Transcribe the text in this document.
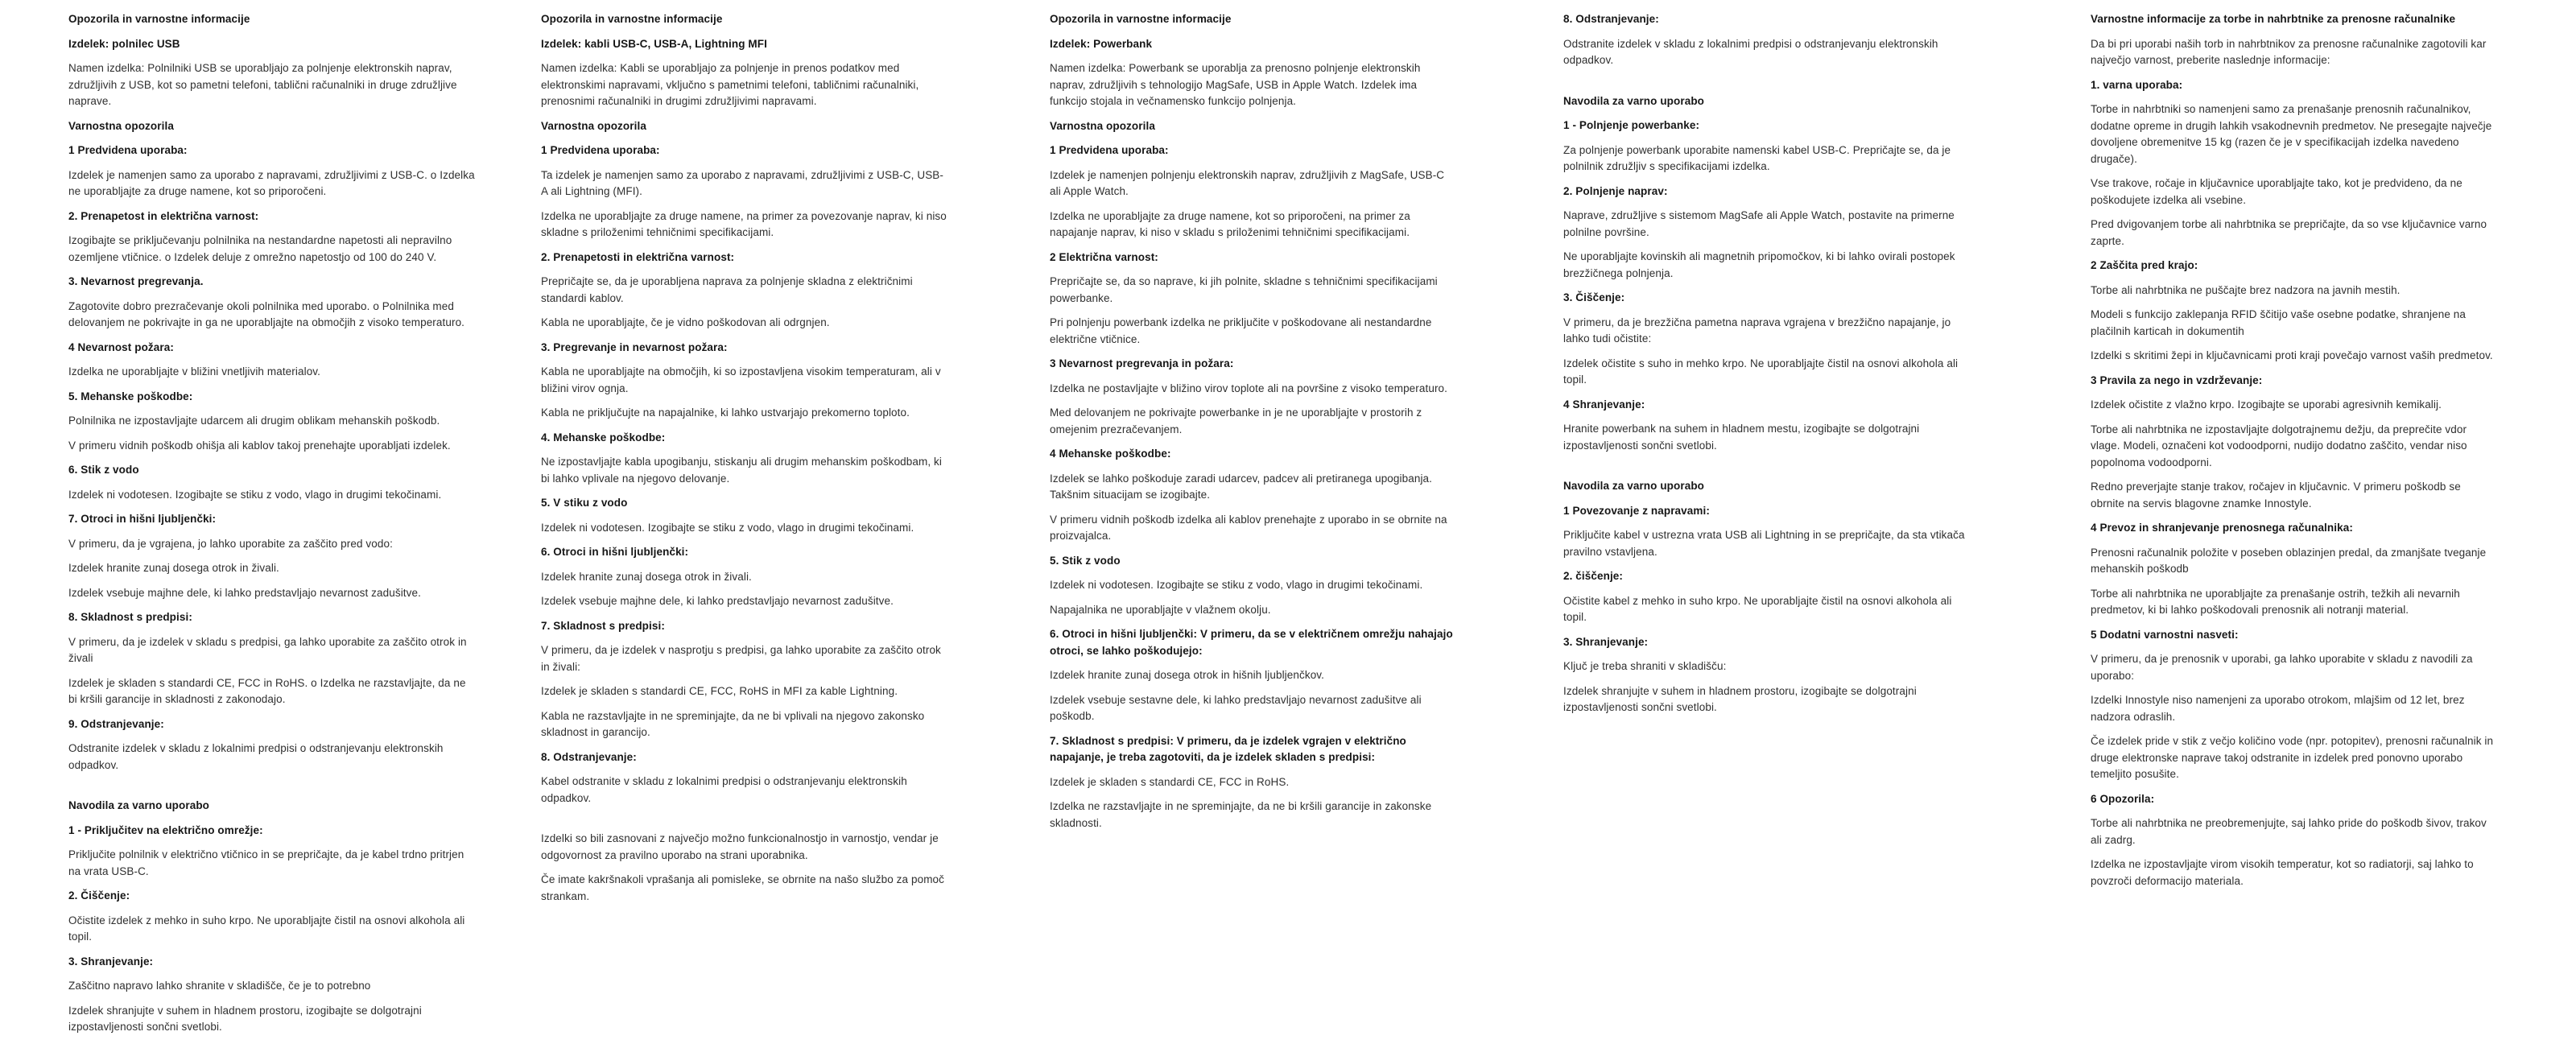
Opozorila in varnostne informacije

Izdelek: polnilec USB

Namen izdelka: Polnilniki USB se uporabljajo za polnjenje elektronskih naprav, združljivih z USB, kot so pametni telefoni, tablični računalniki in druge združljive naprave.

Varnostna opozorila

1 Predvidena uporaba:

Izdelek je namenjen samo za uporabo z napravami, združljivimi z USB-C. o Izdelka ne uporabljajte za druge namene, kot so priporočeni.

2. Prenapetost in električna varnost:

Izogibajte se priključevanju polnilnika na nestandardne napetosti ali nepravilno ozemljene vtičnice. o Izdelek deluje z omrežno napetostjo od 100 do 240 V.

3. Nevarnost pregrevanja.

Zagotovite dobro prezračevanje okoli polnilnika med uporabo. o Polnilnika med delovanjem ne pokrivajte in ga ne uporabljajte na območjih z visoko temperaturo.

4 Nevarnost požara:

Izdelka ne uporabljajte v bližini vnetljivih materialov.

5. Mehanske poškodbe:

Polnilnika ne izpostavljajte udarcem ali drugim oblikam mehanskih poškodb.

V primeru vidnih poškodb ohišja ali kablov takoj prenehajte uporabljati izdelek.

6. Stik z vodo

Izdelek ni vodotesen. Izogibajte se stiku z vodo, vlago in drugimi tekočinami.

7. Otroci in hišni ljubljenčki:

V primeru, da je vgrajena, jo lahko uporabite za zaščito pred vodo:

Izdelek hranite zunaj dosega otrok in živali.

Izdelek vsebuje majhne dele, ki lahko predstavljajo nevarnost zadušitve.

8. Skladnost s predpisi:

V primeru, da je izdelek v skladu s predpisi, ga lahko uporabite za zaščito otrok in živali

Izdelek je skladen s standardi CE, FCC in RoHS. o Izdelka ne razstavljajte, da ne bi kršili garancije in skladnosti z zakonodajo.

9. Odstranjevanje:

Odstranite izdelek v skladu z lokalnimi predpisi o odstranjevanju elektronskih odpadkov.

Navodila za varno uporabo

1 - Priključitev na električno omrežje:

Priključite polnilnik v električno vtičnico in se prepričajte, da je kabel trdno pritrjen na vrata USB-C.

2. Čiščenje:

Očistite izdelek z mehko in suho krpo. Ne uporabljajte čistil na osnovi alkohola ali topil.

3. Shranjevanje:

Zaščitno napravo lahko shranite v skladišče, če je to potrebno

Izdelek shranjujte v suhem in hladnem prostoru, izogibajte se dolgotrajni izpostavljenosti sončni svetlobi.

Opozorila in varnostne informacije

Izdelek: kabli USB-C, USB-A, Lightning MFI

Namen izdelka: Kabli se uporabljajo za polnjenje in prenos podatkov med elektronskimi napravami, vključno s pametnimi telefoni, tabličnimi računalniki, prenosnimi računalniki in drugimi združljivimi napravami.

Varnostna opozorila

1 Predvidena uporaba:

Ta izdelek je namenjen samo za uporabo z napravami, združljivimi z USB-C, USB-A ali Lightning (MFI).

Izdelka ne uporabljajte za druge namene, na primer za povezovanje naprav, ki niso skladne s priloženimi tehničnimi specifikacijami.

2. Prenapetosti in električna varnost:

Prepričajte se, da je uporabljena naprava za polnjenje skladna z električnimi standardi kablov.

Kabla ne uporabljajte, če je vidno poškodovan ali odrgnjen.

3. Pregrevanje in nevarnost požara:

Kabla ne uporabljajte na območjih, ki so izpostavljena visokim temperaturam, ali v bližini virov ognja.

Kabla ne priključujte na napajalnike, ki lahko ustvarjajo prekomerno toploto.

4. Mehanske poškodbe:

Ne izpostavljajte kabla upogibanju, stiskanju ali drugim mehanskim poškodbam, ki bi lahko vplivale na njegovo delovanje.

5. V stiku z vodo

Izdelek ni vodotesen. Izogibajte se stiku z vodo, vlago in drugimi tekočinami.

6. Otroci in hišni ljubljenčki:

Izdelek hranite zunaj dosega otrok in živali.

Izdelek vsebuje majhne dele, ki lahko predstavljajo nevarnost zadušitve.

7. Skladnost s predpisi:

V primeru, da je izdelek v nasprotju s predpisi, ga lahko uporabite za zaščito otrok in živali:

Izdelek je skladen s standardi CE, FCC, RoHS in MFI za kable Lightning.

Kabla ne razstavljajte in ne spreminjajte, da ne bi vplivali na njegovo zakonsko skladnost in garancijo.

8. Odstranjevanje:

Kabel odstranite v skladu z lokalnimi predpisi o odstranjevanju elektronskih odpadkov.

Izdelki so bili zasnovani z največjo možno funkcionalnostjo in varnostjo, vendar je odgovornost za pravilno uporabo na strani uporabnika.

Če imate kakršnakoli vprašanja ali pomisleke, se obrnite na našo službo za pomoč strankam.

Opozorila in varnostne informacije

Izdelek: Powerbank

Namen izdelka: Powerbank se uporablja za prenosno polnjenje elektronskih naprav, združljivih s tehnologijo MagSafe, USB in Apple Watch. Izdelek ima funkcijo stojala in večnamensko funkcijo polnjenja.

Varnostna opozorila

1 Predvidena uporaba:

Izdelek je namenjen polnjenju elektronskih naprav, združljivih z MagSafe, USB-C ali Apple Watch.

Izdelka ne uporabljajte za druge namene, kot so priporočeni, na primer za napajanje naprav, ki niso v skladu s priloženimi tehničnimi specifikacijami.

2 Električna varnost:

Prepričajte se, da so naprave, ki jih polnite, skladne s tehničnimi specifikacijami powerbanke.

Pri polnjenju powerbank izdelka ne priključite v poškodovane ali nestandardne električne vtičnice.

3 Nevarnost pregrevanja in požara:

Izdelka ne postavljajte v bližino virov toplote ali na površine z visoko temperaturo.

Med delovanjem ne pokrivajte powerbanke in je ne uporabljajte v prostorih z omejenim prezračevanjem.

4 Mehanske poškodbe:

Izdelek se lahko poškoduje zaradi udarcev, padcev ali pretiranega upogibanja. Takšnim situacijam se izogibajte.

V primeru vidnih poškodb izdelka ali kablov prenehajte z uporabo in se obrnite na proizvajalca.

5. Stik z vodo

Izdelek ni vodotesen. Izogibajte se stiku z vodo, vlago in drugimi tekočinami.

Napajalnika ne uporabljajte v vlažnem okolju.

6. Otroci in hišni ljubljenčki: V primeru, da se v električnem omrežju nahajajo otroci, se lahko poškodujejo:

Izdelek hranite zunaj dosega otrok in hišnih ljubljenčkov.

Izdelek vsebuje sestavne dele, ki lahko predstavljajo nevarnost zadušitve ali poškodb.

7. Skladnost s predpisi: V primeru, da je izdelek vgrajen v električno napajanje, je treba zagotoviti, da je izdelek skladen s predpisi:

Izdelek je skladen s standardi CE, FCC in RoHS.

Izdelka ne razstavljajte in ne spreminjajte, da ne bi kršili garancije in zakonske skladnosti.

8. Odstranjevanje:

Odstranite izdelek v skladu z lokalnimi predpisi o odstranjevanju elektronskih odpadkov.

Navodila za varno uporabo

1 - Polnjenje powerbanke:

Za polnjenje powerbank uporabite namenski kabel USB-C. Prepričajte se, da je polnilnik združljiv s specifikacijami izdelka.

2. Polnjenje naprav:

Naprave, združljive s sistemom MagSafe ali Apple Watch, postavite na primerne polnilne površine.

Ne uporabljajte kovinskih ali magnetnih pripomočkov, ki bi lahko ovirali postopek brezžičnega polnjenja.

3. Čiščenje:

V primeru, da je brezžična pametna naprava vgrajena v brezžično napajanje, jo lahko tudi očistite:

Izdelek očistite s suho in mehko krpo. Ne uporabljajte čistil na osnovi alkohola ali topil.

4 Shranjevanje:

Hranite powerbank na suhem in hladnem mestu, izogibajte se dolgotrajni izpostavljenosti sončni svetlobi.

Navodila za varno uporabo

1 Povezovanje z napravami:

Priključite kabel v ustrezna vrata USB ali Lightning in se prepričajte, da sta vtikača pravilno vstavljena.

2. čiščenje:

Očistite kabel z mehko in suho krpo. Ne uporabljajte čistil na osnovi alkohola ali topil.

3. Shranjevanje:

Ključ je treba shraniti v skladišču:

Izdelek shranjujte v suhem in hladnem prostoru, izogibajte se dolgotrajni izpostavljenosti sončni svetlobi.

Varnostne informacije za torbe in nahrbtnike za prenosne računalnike

Da bi pri uporabi naših torb in nahrbtnikov za prenosne računalnike zagotovili kar največjo varnost, preberite naslednje informacije:

1. varna uporaba:

Torbe in nahrbtniki so namenjeni samo za prenašanje prenosnih računalnikov, dodatne opreme in drugih lahkih vsakodnevnih predmetov. Ne presegajte največje dovoljene obremenitve 15 kg (razen če je v specifikacijah izdelka navedeno drugače).

Vse trakove, ročaje in ključavnice uporabljajte tako, kot je predvideno, da ne poškodujete izdelka ali vsebine.

Pred dvigovanjem torbe ali nahrbtnika se prepričajte, da so vse ključavnice varno zaprte.

2 Zaščita pred krajo:

Torbe ali nahrbtnika ne puščajte brez nadzora na javnih mestih.

Modeli s funkcijo zaklepanja RFID ščitijo vaše osebne podatke, shranjene na plačilnih karticah in dokumentih

Izdelki s skritimi žepi in ključavnicami proti kraji povečajo varnost vaših predmetov.

3 Pravila za nego in vzdrževanje:

Izdelek očistite z vlažno krpo. Izogibajte se uporabi agresivnih kemikalij.

Torbe ali nahrbtnika ne izpostavljajte dolgotrajnemu dežju, da preprečite vdor vlage. Modeli, označeni kot vodoodporni, nudijo dodatno zaščito, vendar niso popolnoma vodoodporni.

Redno preverjajte stanje trakov, ročajev in ključavnic. V primeru poškodb se obrnite na servis blagovne znamke Innostyle.

4 Prevoz in shranjevanje prenosnega računalnika:

Prenosni računalnik položite v poseben oblazinjen predal, da zmanjšate tveganje mehanskih poškodb

Torbe ali nahrbtnika ne uporabljajte za prenašanje ostrih, težkih ali nevarnih predmetov, ki bi lahko poškodovali prenosnik ali notranji material.

5 Dodatni varnostni nasveti:

V primeru, da je prenosnik v uporabi, ga lahko uporabite v skladu z navodili za uporabo:

Izdelki Innostyle niso namenjeni za uporabo otrokom, mlajšim od 12 let, brez nadzora odraslih.

Če izdelek pride v stik z večjo količino vode (npr. potopitev), prenosni računalnik in druge elektronske naprave takoj odstranite in izdelek pred ponovno uporabo temeljito posušite.

6 Opozorila:

Torbe ali nahrbtnika ne preobremenjujte, saj lahko pride do poškodb šivov, trakov ali zadrg.

Izdelka ne izpostavljajte virom visokih temperatur, kot so radiatorji, saj lahko to povzroči deformacijo materiala.
